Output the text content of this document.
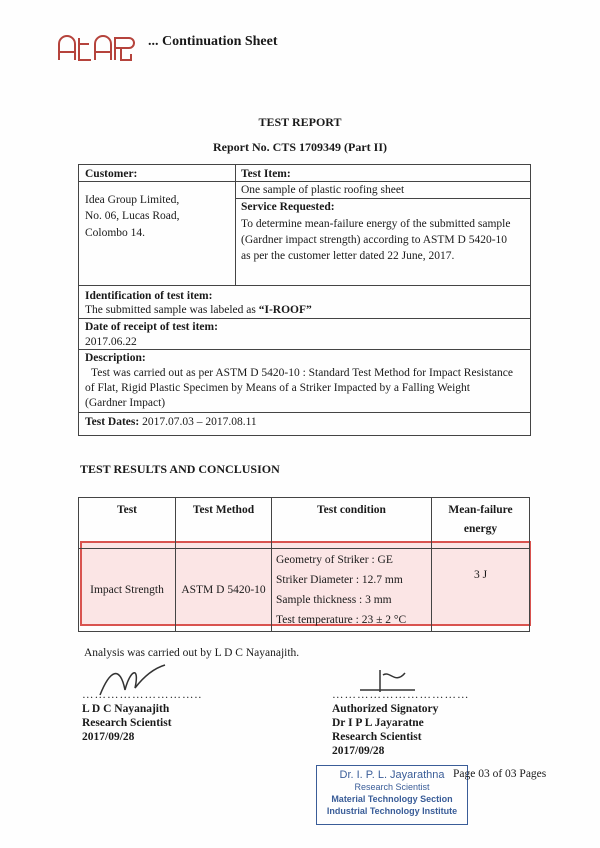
... Continuation Sheet
TEST REPORT
Report No. CTS 1709349 (Part II)
Customer:
Idea Group Limited,
No. 06, Lucas Road,
Colombo 14.
Test Item:
One sample of plastic roofing sheet
Service Requested:
To determine mean-failure energy of the submitted sample
(Gardner impact strength) according to ASTM D 5420-10
as per the customer letter dated 22 June, 2017.
Identification of test item:
The submitted sample was labeled as “I-ROOF”
Date of receipt of test item:
2017.06.22
Description:
Test was carried out as per ASTM D 5420-10 : Standard Test Method for Impact Resistance
of Flat, Rigid Plastic Specimen by Means of a Striker Impacted by a Falling Weight
(Gardner Impact)
Test Dates: 2017.07.03 – 2017.08.11
TEST RESULTS AND CONCLUSION
Test	Test Method	Test condition	Mean-failure
energy
Impact Strength	ASTM D 5420-10	Geometry of Striker : GE
Striker Diameter : 12.7 mm
Sample thickness : 3 mm
Test temperature : 23 ± 2 °C	3 J
Analysis was carried out by L D C Nayanajith.
………………………..
L D C Nayanajith
Research Scientist
2017/09/28
……………………………
Authorized Signatory
Dr I P L Jayaratne
Research Scientist
2017/09/28
Dr. I. P. L. Jayarathna
Research Scientist
Material Technology Section
Industrial Technology Institute
Page 03 of 03 Pages
